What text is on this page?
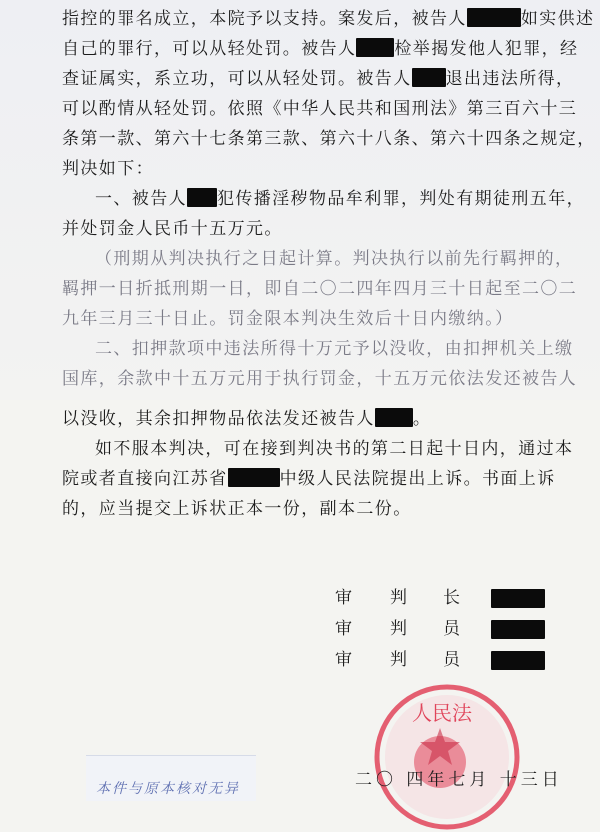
指控的罪名成立，本院予以支持。案发后，被告人	如实供述
自己的罪行，可以从轻处罚。被告人 检举揭发他人犯罪，经
查证属实，系立功，可以从轻处罚。被告人 退出违法所得，
可以酌情从轻处罚。依照《中华人民共和国刑法》第三百六十三
条第一款、第六十七条第三款、第六十八条、第六十四条之规定，
判决如下：
一、被告人 犯传播淫秽物品牟利罪，判处有期徒刑五年，
并处罚金人民币十五万元。
（刑期从判决执行之日起计算。判决执行以前先行羁押的，
羁押一日折抵刑期一日，即自二〇二四年四月三十日起至二〇二
九年三月三十日止。罚金限本判决生效后十日内缴纳。）
二、扣押款项中违法所得十万元予以没收，由扣押机关上缴
国库，余款中十五万元用于执行罚金，十五万元依法发还被告人
以没收，其余扣押物品依法发还被告人 。
如不服本判决，可在接到判决书的第二日起十日内，通过本
院或者直接向江苏省	中级人民法院提出上诉。书面上诉
的，应当提交上诉状正本一份，副本二份。
审 判 长
审 判 员
审 判 员
人民法
二〇 四年七月 十三日
本件与原本核对无异
